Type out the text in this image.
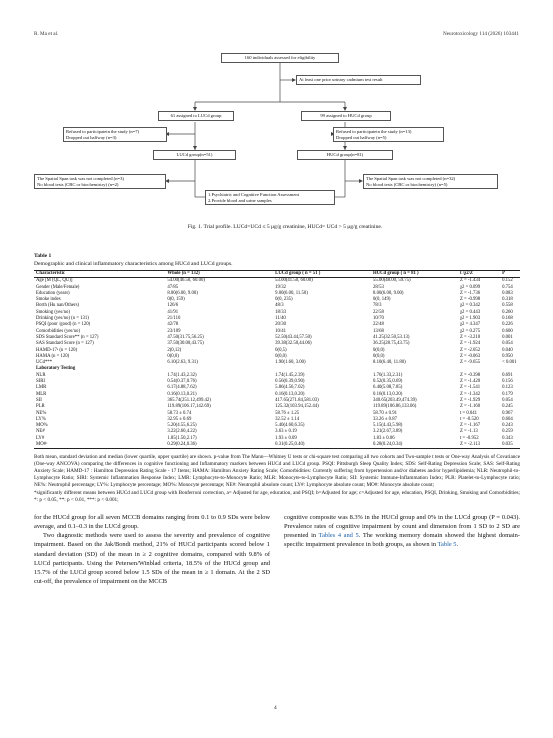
R. Ma et al.	Neurotoxicology 114 (2026) 103441
160 individuals assessed for eligibility
At least one prior urinary cadmium test result
61 assigned to LUCd group	99 assigned to HUCd group
Refused to participatein the study (n=7)
Dropped out halfway (n=3)
Refused to participatein the study (n=13)
Dropped out halfway (n=5)
LUCd group(n=51)	HUCd group(n=81)
The Spatial Span task was not completed (n=3)
No blood tests (CBC or biochemistry) (n=2)
The Spatial Span task was not completed (n=32)
No blood tests (CBC or biochemistry) (n=5)
1.Psychiatric and Cognitive Function Assessment
2.Provide blood and urine samples
Fig. 1. Trial profile. LUCd=UCd ≤ 5 μg/g creatinine, HUCd= UCd > 5 μg/g creatinine.
Table 1
Demographic and clinical inflammatory characteristics among HUCd and LUCd groups.
Characteristic	Whole (n = 132)	LUCd group ( n = 51 )	HUCd group ( n = 81 )	t /χ2/Z	P
Age [M (QL, QU)]	54.00(46.50, 60.00)	53.00(41.50, 60.00)	55.00(48.00, 59.75)	Z = -1.434	0.152
Gender (Male/Female)	47/85	19/32	28/53	χ2 = 0.099	0.754
Education (years)	8.00(6.00, 9.00)	9.00(6.00, 11.50)	8.00(6.00, 9.00)	Z = -1.736	0.083
Smoke index	0(0, 159)	0(0, 235)	0(0, 149)	Z = -0.998	0.318
Borth (Hu nan/Others)	126/6	48/3	78/3	χ2 = 0.342	0.558
Smoking (yes/no)	41/91	18/33	22/58	χ2 = 0.443	0.260
Drinking (yes/no) (n = 131)	21/110	11/40	10/70	χ2 = 1.903	0.168
PSQI (poor /good) (n = 120)	42/78	20/30	22/48	χ2 = 4.347	0.226
Comorbidities (yes/no)	23/109	10/41	13/68	χ2 = 0.275	0.600
SDS Standard Score** (n = 127)	47.50(31.75,56.25)	52.50(43.44,57.50)	41.25(32.50,53.13)	Z = -3.210	0.001
SAS Standard Score (n = 127)	37.50(30.00,43.75)	39.38(32.50,44.06)	36.25(28.75,43.75)	Z = -1.924	0.054
HAMD-17ᵃ (n = 120)	2(0,12)	0(0,5)	0(0,0)	Z = -2.052	0.040
HAMA (n = 120)	0(0,0)	0(0,0)	0(0,0)	Z = -0.063	0.950
UCd***	6.10(2.63, 9.31)	1.90(1.60, 3.00)	8.10(6.40, 11.80)	Z = -9.655	< 0.001
Laboratory Testing					
NLR	1.74(1.43,2.32)	1.74(1.45,2.39)	1.76(1.33,2.31)	Z = -0.398	0.691
SIRI	0.54(0.37,0.76)	0.56(0.39,0.90)	0.52(0.35,0.69)	Z = -1.420	0.156
LMR	6.17(4.88,7.62)	5.86(4.56,7.02)	6.40(5.08,7.85)	Z = -1.541	0.123
MLR	0.16(0.13,0.21)	0.16(0.13,0.20)	0.16(0.13,0.20)	Z = -1.342	0.179
SII	365.74(251.12,499.42)	417.65(271.84,581.03)	340.65(203.49,474.39)	Z = -1.929	0.054
PLR	119.89(106.17,142.69)	125.32(103.94,152.44)	119.89(106.86,133.06)	Z = -1.160	0.245
NE%	58.73 ± 0.74	58.76 ± 1.25	58.70 ± 0.91	t = 0.041	0.967
LY%	32.95 ± 0.69	32.52 ± 1.14	33.26 ± 0.87	t = -0.520	0.604
MO%	5.20(4.55,6.25)	5.40(4.60,6.35)	5.15(4.43,5.98)	Z = -1.167	0.243
NE#	3.22(2.60,4.22)	3.63 ± 0.19	3.21(2.67,3.89)	Z = -1.13	0.259
LY#	1.85(1.50,2.17)	1.93 ± 0.09	1.83 ± 0.06	t = -0.952	0.343
MO#ᶜ	0.29(0.24,0.36)	0.31(0.25,0.40)	0.28(0.24,0.34)	Z = -2.113	0.035
Both mean, standard deviation and median (lower quartile, upper quartile) are shown. p-value from The Mann—Whitney U tests or chi-square test comparing all two cohorts and Two-sample t tests or One-way Analysis of Covariance (One-way ANCOVA) comparing the differences in cognitive functioning and Inflammatory markers between HUCd and LUCd group. PSQI: Pittsburgh Sleep Quality Index; SDS: Self-Rating Depression Scale; SAS: Self-Rating Anxiety Scale; HAMD-17 : Hamilton Depression Rating Scale - 17 Items; HAMA: Hamilton Anxiety Rating Scale; Comorbidities: Currently suffering from hypertension and/or diabetes and/or hyperlipidemia; NLR: Neutrophil-to-Lymphocyte Ratio; SIRI: Systemic Inflammation Response Index; LMR: Lymphocyte-to-Monocyte Ratio; MLR: Monocyte-to-Lymphocyte Ratio; SII: Systemic Immune-Inflammation Index; PLR: Platelet-to-Lymphocyte ratio; NE%: Neutrophil percentage; LY%: Lymphocyte percentage; MO%: Monocyte percentage; NE#: Neutrophil absolute count; LY#: Lymphocyte absolute count; MO#: Monocyte absolute count;
*significantly different means between HUCd and LUCd group with Bonferroni correction, a= Adjusted for age, education, and PSQI; b=Adjusted for age; c=Adjusted for age, education, PSQI, Drinking, Smoking and Comorbidities; *: p < 0.05, **: p < 0.01, ***: p < 0.001;
for the HUCd group for all seven MCCB domains ranging from 0.1 to 0.9 SDs were below average, and 0.1–0.3 in the LUCd group.
Two diagnostic methods were used to assess the severity and prevalence of cognitive impairment. Based on the Jak/Bondi method, 21% of HUCd participants scored below 1 standard deviation (SD) of the mean in ≥ 2 cognitive domains, compared with 9.8% of LUCd participants. Using the Petersen/Winblad criteria, 18.5% of the HUCd group and 15.7% of the LUCd group scored below 1.5 SDs of the mean in ≥ 1 domain. At the 2 SD cut-off, the prevalence of impairment on the MCCB
cognitive composite was 8.3% in the HUCd group and 0% in the LUCd group (P = 0.043). Prevalence rates of cognitive impairment by count and dimension from 1 SD to 2 SD are presented in Tables 4 and 5. The working memory domain showed the highest domain-specific impairment prevalence in both groups, as shown in Table 5.
4
